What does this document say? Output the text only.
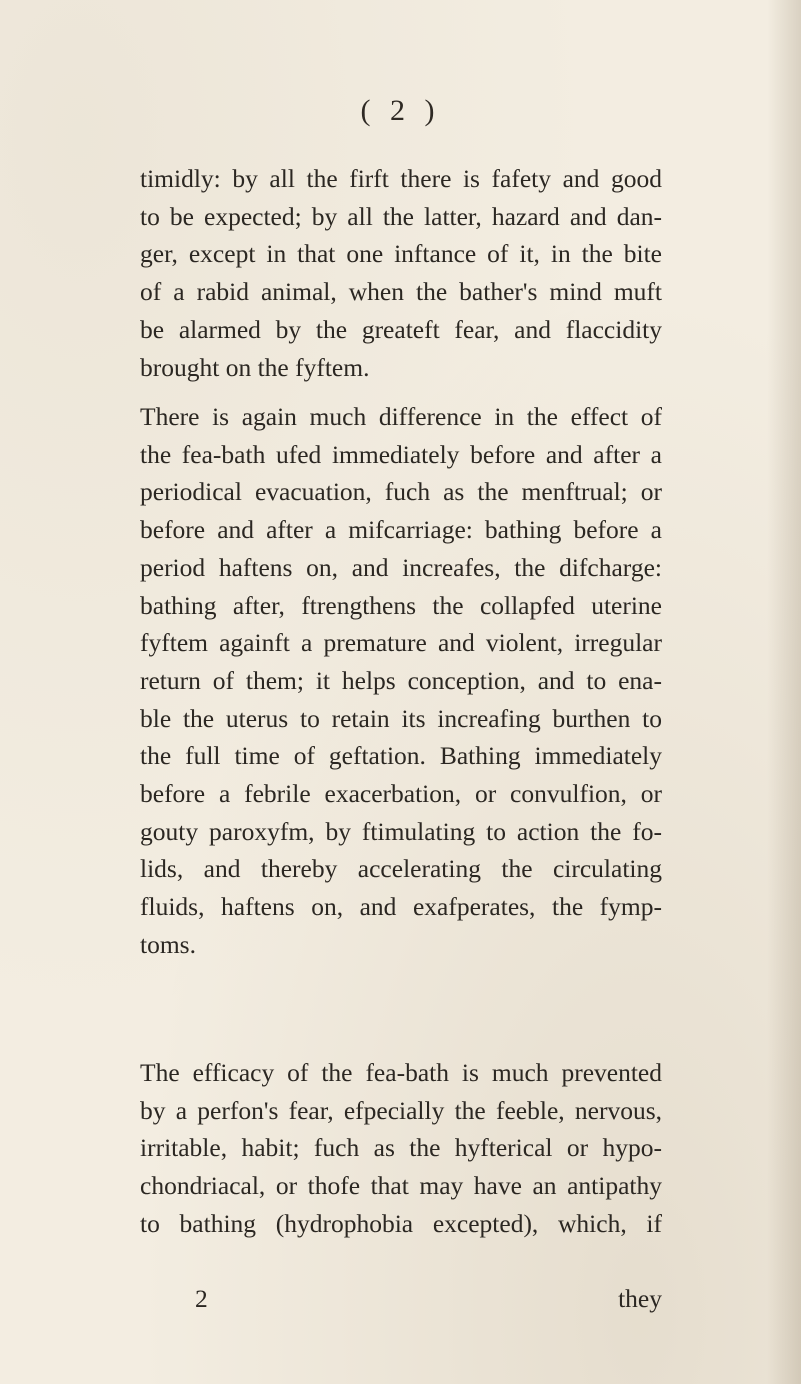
( 2 )
timidly: by all the firft there is fafety and good
to be expected; by all the latter, hazard and dan-
ger, except in that one inftance of it, in the bite
of a rabid animal, when the bather's mind muft
be alarmed by the greateft fear, and flaccidity
brought on the fyftem.
There is again much difference in the effect of
the fea-bath ufed immediately before and after a
periodical evacuation, fuch as the menftrual; or
before and after a mifcarriage: bathing before a
period haftens on, and increafes, the difcharge:
bathing after, ftrengthens the collapfed uterine
fyftem againft a premature and violent, irregular
return of them; it helps conception, and to ena-
ble the uterus to retain its increafing burthen to
the full time of geftation. Bathing immediately
before a febrile exacerbation, or convulfion, or
gouty paroxyfm, by ftimulating to action the fo-
lids, and thereby accelerating the circulating
fluids, haftens on, and exafperates, the fymp-
toms.
The efficacy of the fea-bath is much prevented
by a perfon's fear, efpecially the feeble, nervous,
irritable, habit; fuch as the hyfterical or hypo-
chondriacal, or thofe that may have an antipathy
to bathing (hydrophobia excepted), which, if
2	they
